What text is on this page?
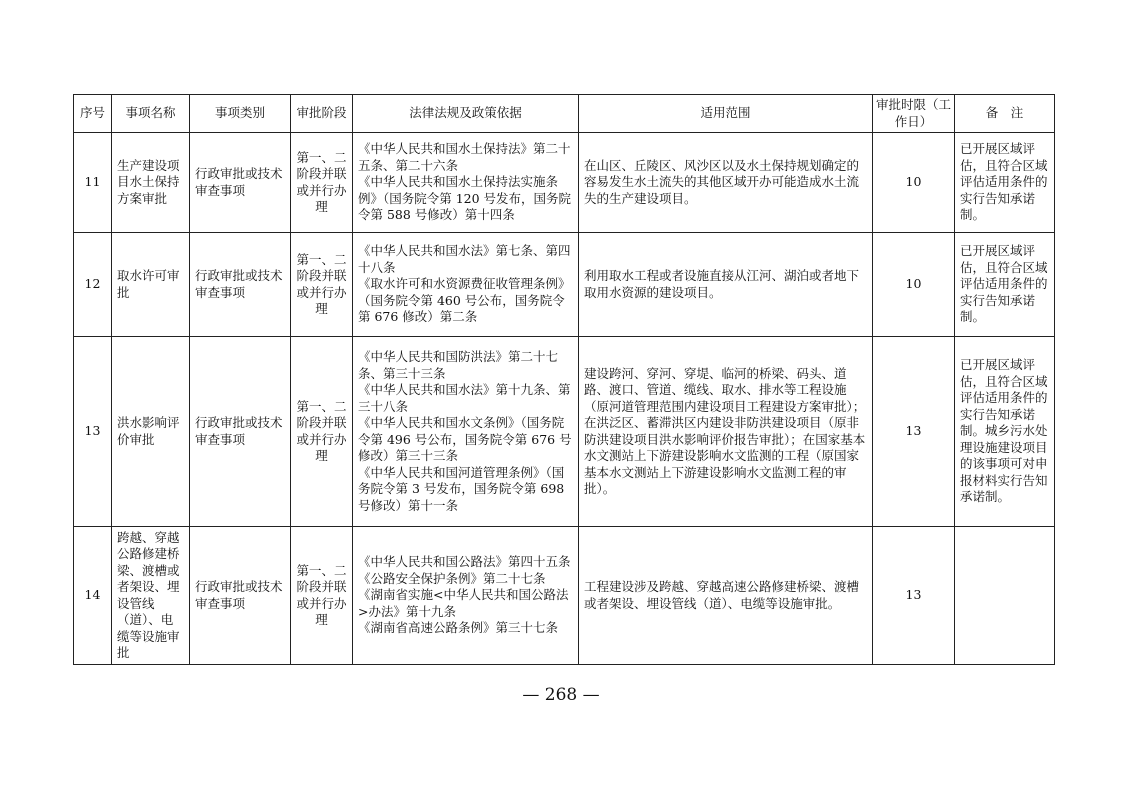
序号	事项名称	事项类别	审批阶段	法律法规及政策依据	适用范围	审批时限（工作日）	备　注
11	生产建设项目水土保持方案审批	行政审批或技术审查事项	第一、二阶段并联或并行办理	《中华人民共和国水土保持法》第二十五条、第二十六条
《中华人民共和国水土保持法实施条例》（国务院令第 120 号发布，国务院令第 588 号修改）第十四条	在山区、丘陵区、风沙区以及水土保持规划确定的容易发生水土流失的其他区域开办可能造成水土流失的生产建设项目。	10	已开展区域评估，且符合区域评估适用条件的实行告知承诺制。
12	取水许可审批	行政审批或技术审查事项	第一、二阶段并联或并行办理	《中华人民共和国水法》第七条、第四十八条
《取水许可和水资源费征收管理条例》（国务院令第 460 号公布，国务院令第 676 修改）第二条	利用取水工程或者设施直接从江河、湖泊或者地下取用水资源的建设项目。	10	已开展区域评估，且符合区域评估适用条件的实行告知承诺制。
13	洪水影响评价审批	行政审批或技术审查事项	第一、二阶段并联或并行办理	《中华人民共和国防洪法》第二十七条、第三十三条
《中华人民共和国水法》第十九条、第三十八条
《中华人民共和国水文条例》（国务院令第 496 号公布，国务院令第 676 号修改）第三十三条
《中华人民共和国河道管理条例》（国务院令第 3 号发布，国务院令第 698 号修改）第十一条	建设跨河、穿河、穿堤、临河的桥梁、码头、道路、渡口、管道、缆线、取水、排水等工程设施（原河道管理范围内建设项目工程建设方案审批）；在洪泛区、蓄滞洪区内建设非防洪建设项目（原非防洪建设项目洪水影响评价报告审批）；在国家基本水文测站上下游建设影响水文监测的工程（原国家基本水文测站上下游建设影响水文监测工程的审批）。	13	已开展区域评估，且符合区域评估适用条件的实行告知承诺制。城乡污水处理设施建设项目的该事项可对申报材料实行告知承诺制。
14	跨越、穿越公路修建桥梁、渡槽或者架设、埋设管线（道）、电缆等设施审批	行政审批或技术审查事项	第一、二阶段并联或并行办理	《中华人民共和国公路法》第四十五条
《公路安全保护条例》第二十七条
《湖南省实施<中华人民共和国公路法>办法》第十九条
《湖南省高速公路条例》第三十七条	工程建设涉及跨越、穿越高速公路修建桥梁、渡槽或者架设、埋设管线（道）、电缆等设施审批。	13	
— 268 —
